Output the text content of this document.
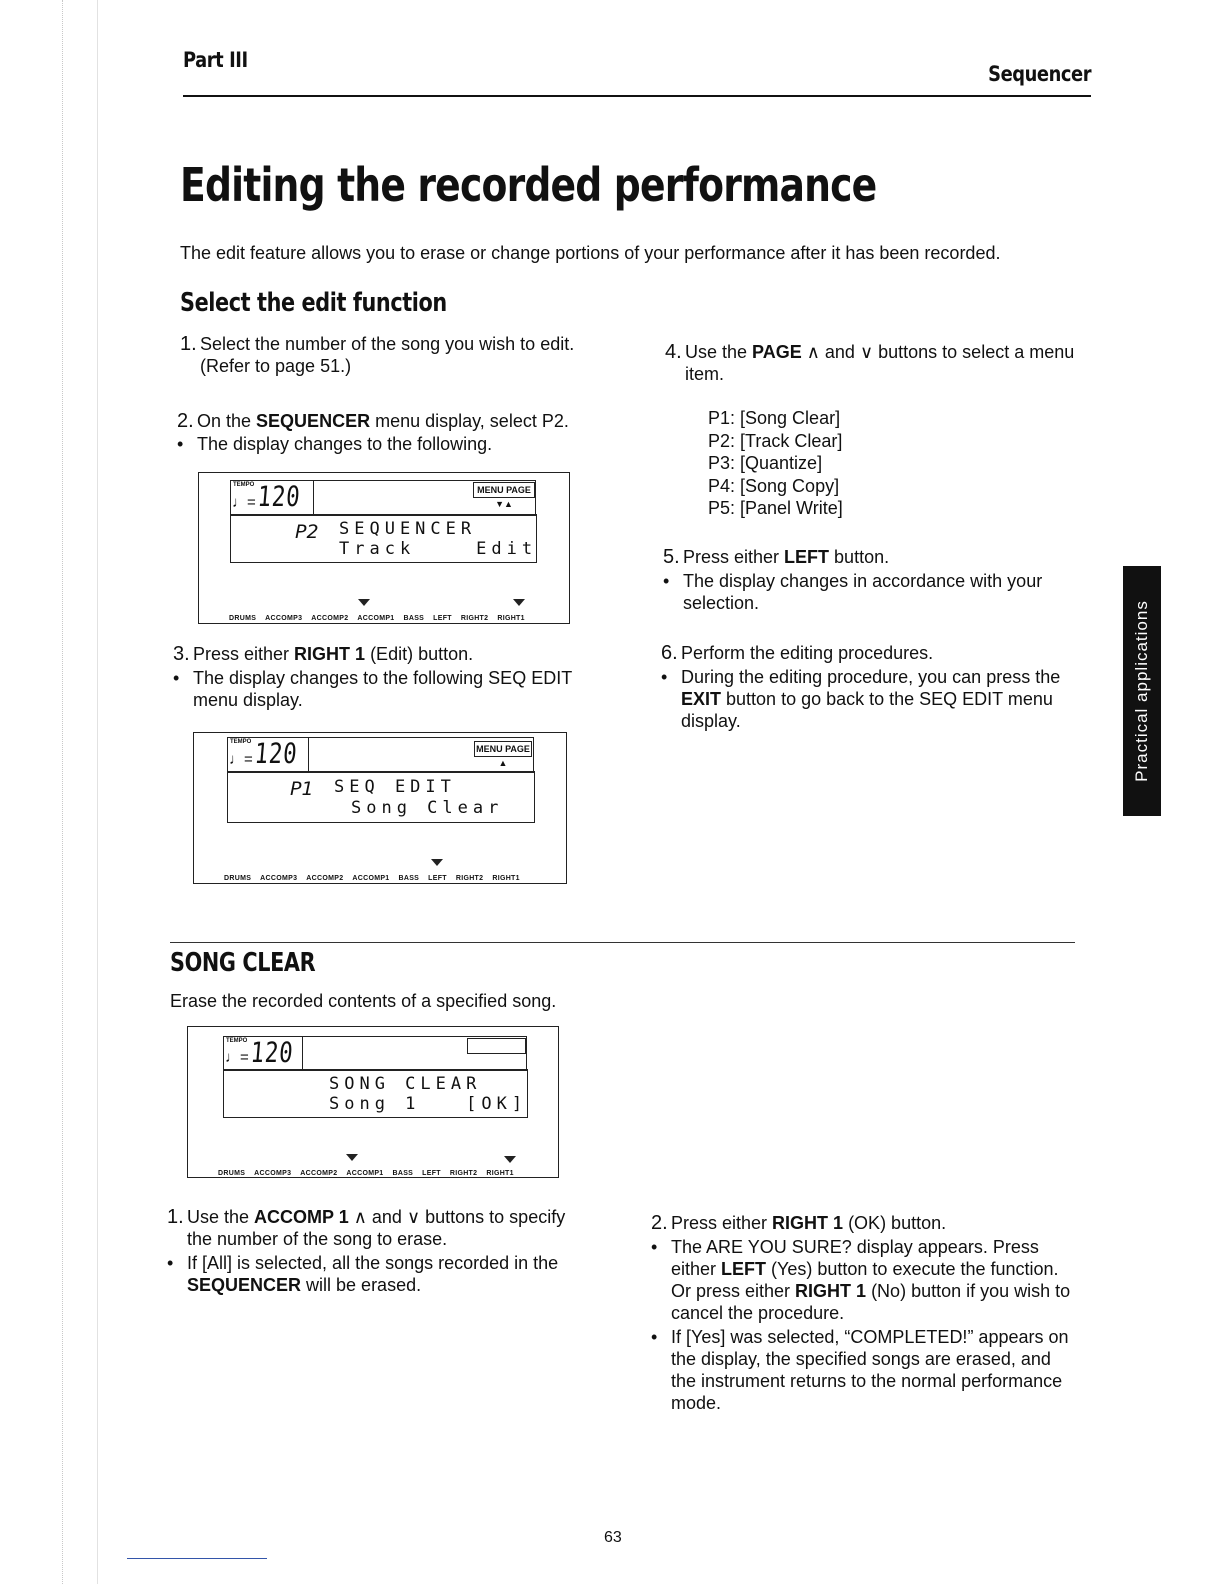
Part III
Sequencer
Editing the recorded performance
The edit feature allows you to erase or change portions of your performance after it has been recorded.
Select the edit function
1. Select the number of the song you wish to edit. (Refer to page 51.)
2. On the SEQUENCER menu display, select P2.
• The display changes to the following.
TEMPO
♩= 120	MENU PAGE ▼▲
P2 SEQUENCER
Track    Edit
DRUMS ACCOMP3 ACCOMP2 ACCOMP1 BASS LEFT RIGHT2 RIGHT1
3. Press either RIGHT 1 (Edit) button.
• The display changes to the following SEQ EDIT menu display.
TEMPO
♩= 120	MENU PAGE ▲
P1 SEQ EDIT
Song Clear
DRUMS ACCOMP3 ACCOMP2 ACCOMP1 BASS LEFT RIGHT2 RIGHT1
4. Use the PAGE ∧ and ∨ buttons to select a menu item.
P1: [Song Clear]
P2: [Track Clear]
P3: [Quantize]
P4: [Song Copy]
P5: [Panel Write]
5. Press either LEFT button.
• The display changes in accordance with your selection.
6. Perform the editing procedures.
• During the editing procedure, you can press the EXIT button to go back to the SEQ EDIT menu display.	Practical applications
SONG CLEAR
Erase the recorded contents of a specified song.
TEMPO
♩= 120
SONG CLEAR
Song 1   [OK]
DRUMS ACCOMP3 ACCOMP2 ACCOMP1 BASS LEFT RIGHT2 RIGHT1
1. Use the ACCOMP 1 ∧ and ∨ buttons to specify the number of the song to erase.
• If [All] is selected, all the songs recorded in the SEQUENCER will be erased.
2. Press either RIGHT 1 (OK) button.
• The ARE YOU SURE? display appears. Press either LEFT (Yes) button to execute the function. Or press either RIGHT 1 (No) button if you wish to cancel the procedure.
• If [Yes] was selected, “COMPLETED!” appears on the display, the specified songs are erased, and the instrument returns to the normal performance mode.
63
